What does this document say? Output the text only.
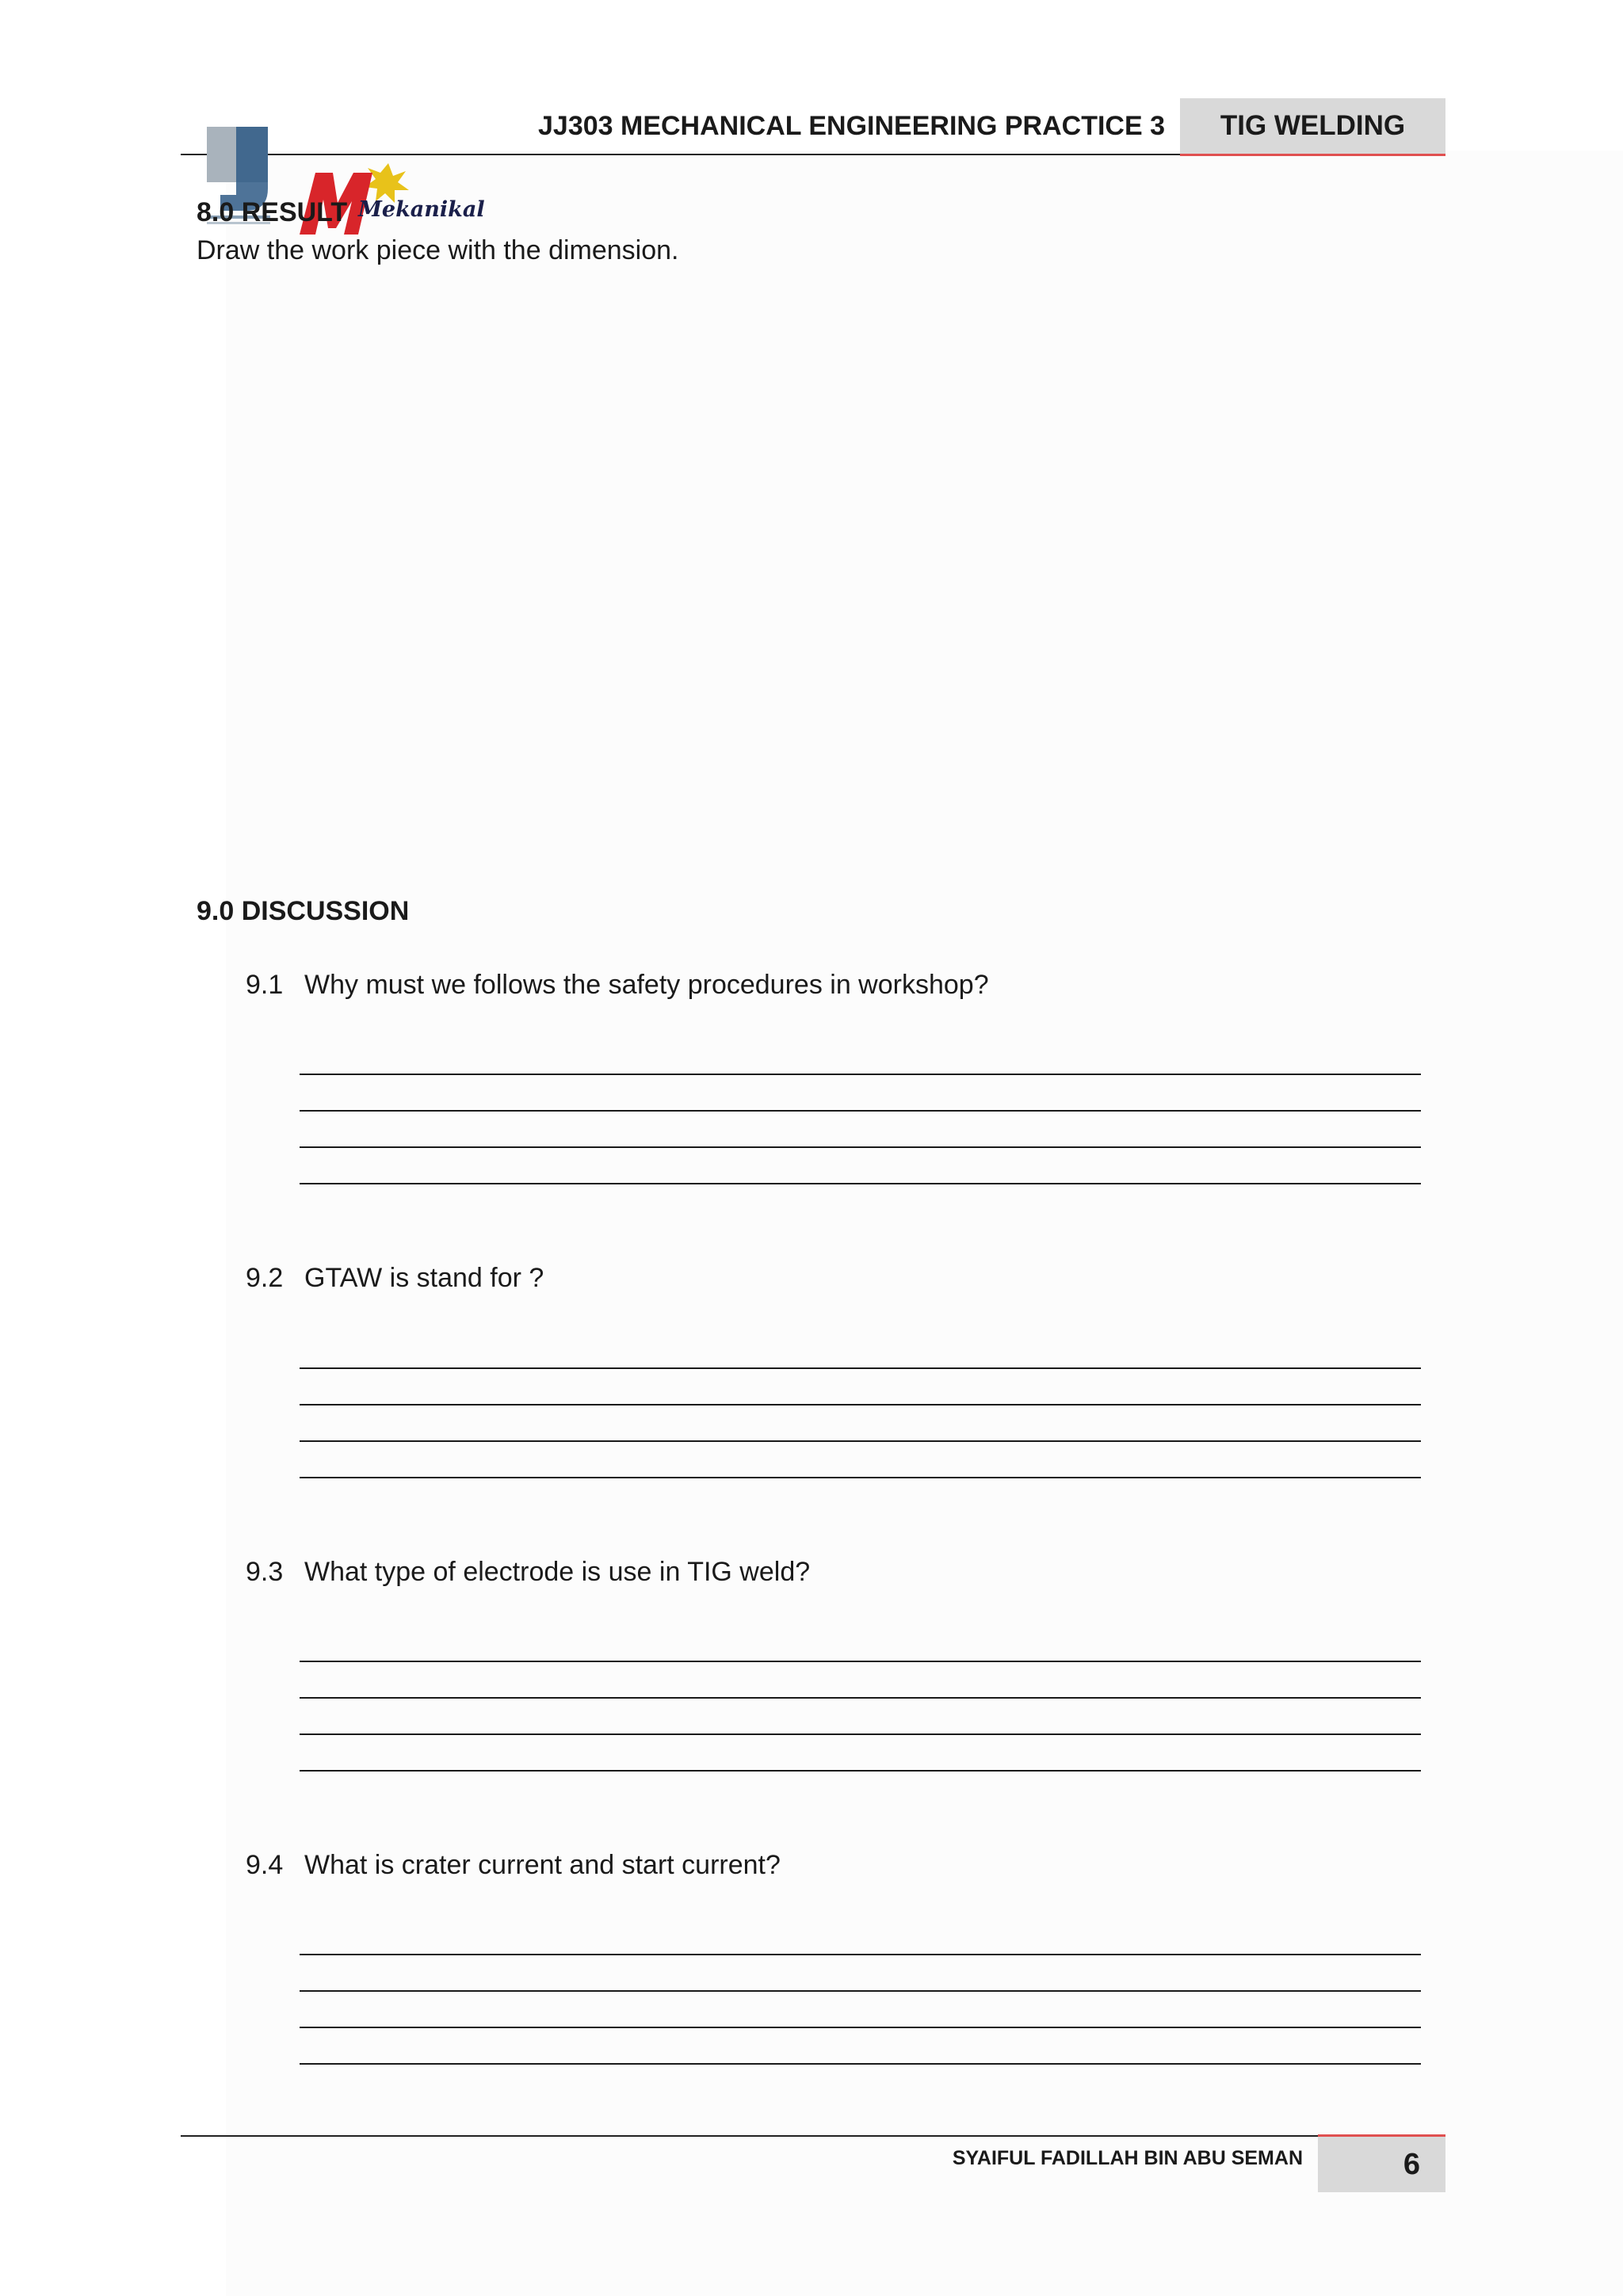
JJ303 MECHANICAL ENGINEERING PRACTICE 3 TIG WELDING
Mekanikal
8.0 RESULT
Draw the work piece with the dimension.
9.0 DISCUSSION
9.1 Why must we follows the safety procedures in workshop?
9.2 GTAW is stand for ?
9.3 What type of electrode is use in TIG weld?
9.4 What is crater current and start current?
SYAIFUL FADILLAH BIN ABU SEMAN	6
